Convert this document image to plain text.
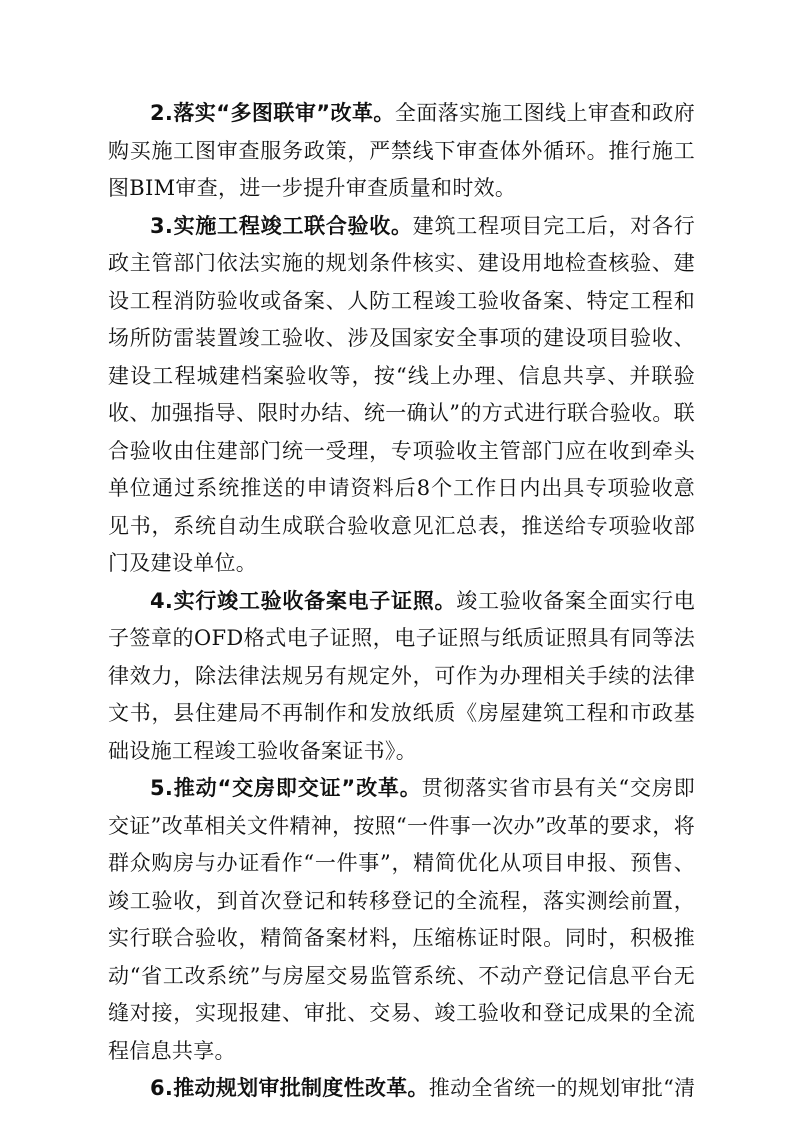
2.落实“多图联审”改革。全面落实施工图线上审查和政府购买施工图审查服务政策，严禁线下审查体外循环。推行施工图BIM审查，进一步提升审查质量和时效。

3.实施工程竣工联合验收。建筑工程项目完工后，对各行政主管部门依法实施的规划条件核实、建设用地检查核验、建设工程消防验收或备案、人防工程竣工验收备案、特定工程和场所防雷装置竣工验收、涉及国家安全事项的建设项目验收、建设工程城建档案验收等，按“线上办理、信息共享、并联验收、加强指导、限时办结、统一确认”的方式进行联合验收。联合验收由住建部门统一受理，专项验收主管部门应在收到牵头单位通过系统推送的申请资料后8个工作日内出具专项验收意见书，系统自动生成联合验收意见汇总表，推送给专项验收部门及建设单位。

4.实行竣工验收备案电子证照。竣工验收备案全面实行电子签章的OFD格式电子证照，电子证照与纸质证照具有同等法律效力，除法律法规另有规定外，可作为办理相关手续的法律文书，县住建局不再制作和发放纸质《房屋建筑工程和市政基础设施工程竣工验收备案证书》。

5.推动“交房即交证”改革。贯彻落实省市县有关“交房即交证”改革相关文件精神，按照“一件事一次办”改革的要求，将群众购房与办证看作“一件事”，精简优化从项目申报、预售、竣工验收，到首次登记和转移登记的全流程，落实测绘前置，实行联合验收，精简备案材料，压缩栋证时限。同时，积极推动“省工改系统”与房屋交易监管系统、不动产登记信息平台无缝对接，实现报建、审批、交易、竣工验收和登记成果的全流程信息共享。

6.推动规划审批制度性改革。推动全省统一的规划审批“清
